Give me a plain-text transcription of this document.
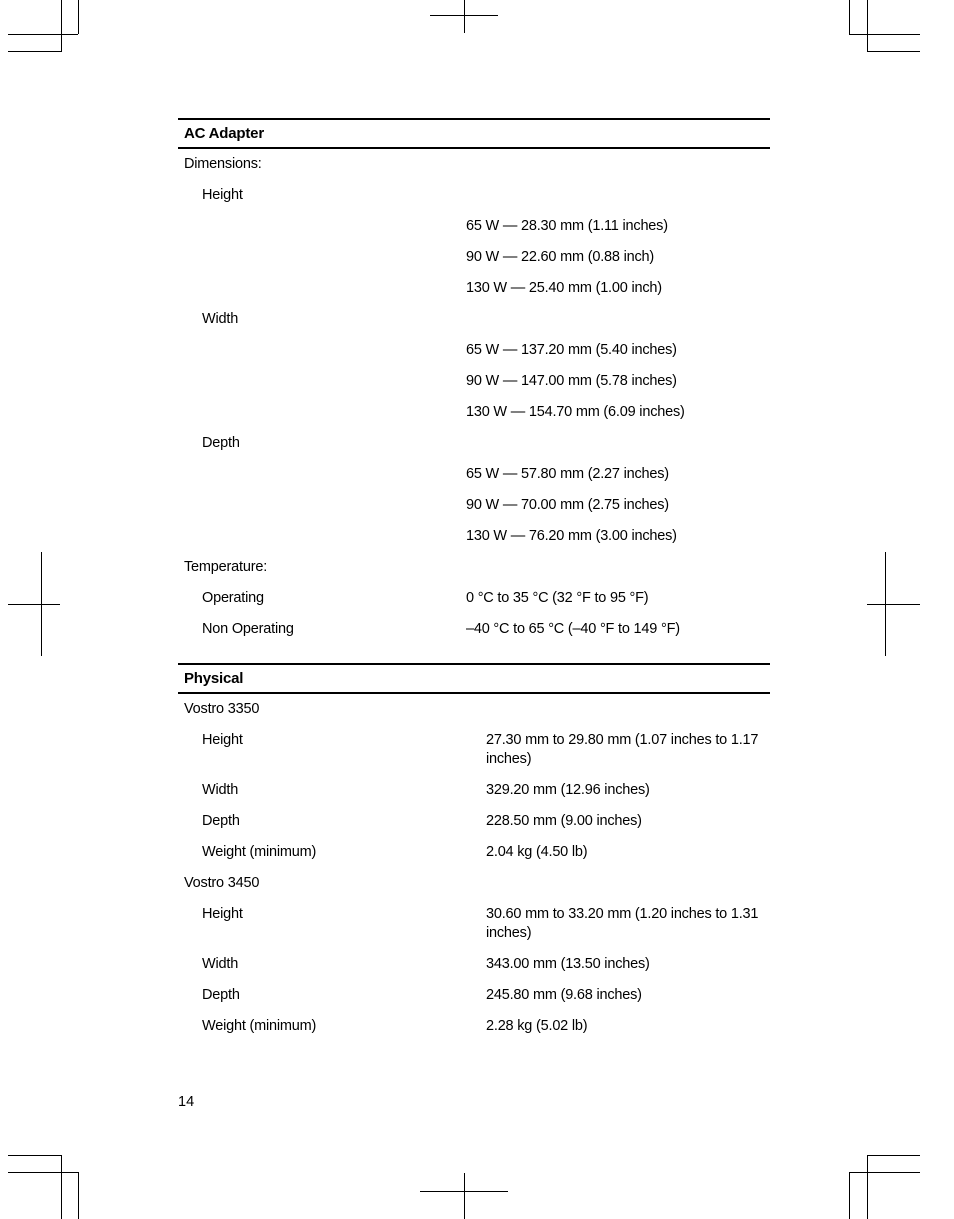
AC Adapter
Dimensions:
Height
65 W — 28.30 mm (1.11 inches)
90 W — 22.60 mm (0.88 inch)
130 W — 25.40 mm (1.00 inch)
Width
65 W — 137.20 mm (5.40 inches)
90 W — 147.00 mm (5.78 inches)
130 W — 154.70 mm (6.09 inches)
Depth
65 W — 57.80 mm (2.27 inches)
90 W — 70.00 mm (2.75 inches)
130 W — 76.20 mm (3.00 inches)
Temperature:
Operating	0 °C to 35 °C (32 °F to 95 °F)
Non Operating	–40 °C to 65 °C (–40 °F to 149 °F)
Physical
Vostro 3350
Height	27.30 mm to 29.80 mm (1.07 inches to 1.17 inches)
Width	329.20 mm (12.96 inches)
Depth	228.50 mm (9.00 inches)
Weight (minimum)	2.04 kg (4.50 lb)
Vostro 3450
Height	30.60 mm to 33.20 mm (1.20 inches to 1.31 inches)
Width	343.00 mm (13.50 inches)
Depth	245.80 mm (9.68 inches)
Weight (minimum)	2.28 kg (5.02 lb)
14
